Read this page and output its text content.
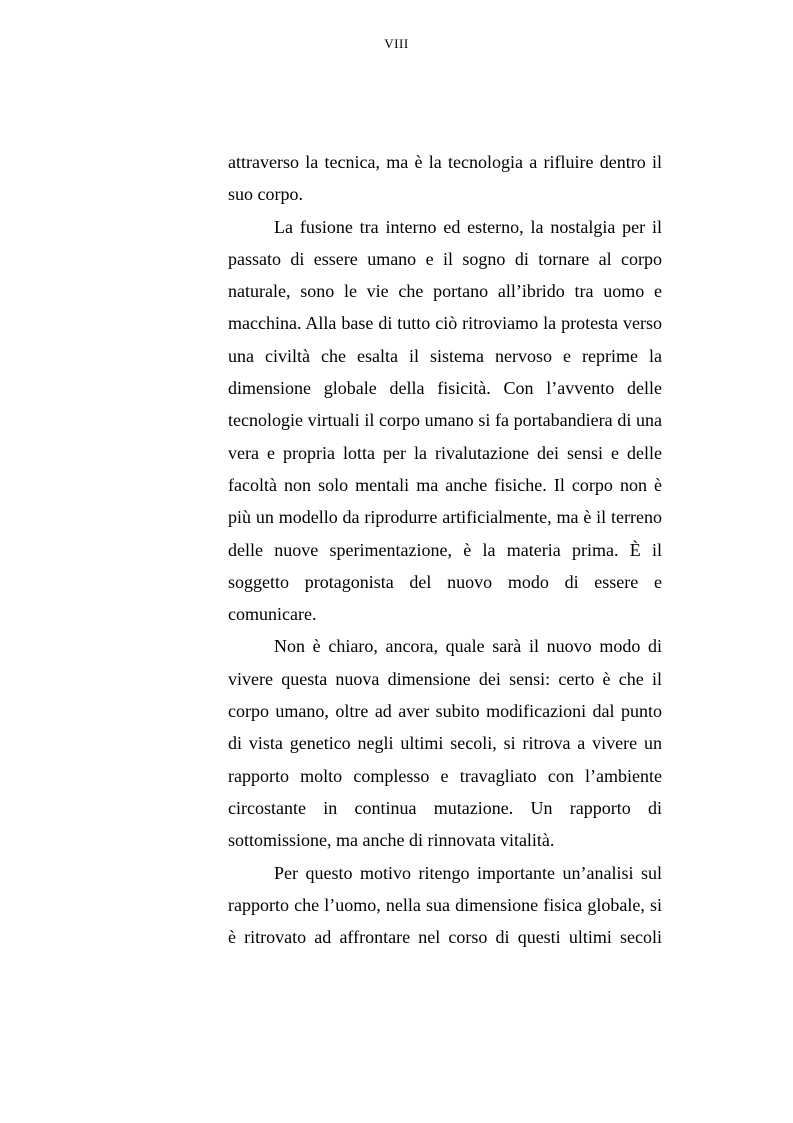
VIII

attraverso la tecnica, ma è la tecnologia a rifluire dentro il suo corpo.

La fusione tra interno ed esterno, la nostalgia per il passato di essere umano e il sogno di tornare al corpo naturale, sono le vie che portano all’ibrido tra uomo e macchina. Alla base di tutto ciò ritroviamo la protesta verso una civiltà che esalta il sistema nervoso e reprime la dimensione globale della fisicità. Con l’avvento delle tecnologie virtuali il corpo umano si fa portabandiera di una vera e propria lotta per la rivalutazione dei sensi e delle facoltà non solo mentali ma anche fisiche. Il corpo non è più un modello da riprodurre artificialmente, ma è il terreno delle nuove sperimentazione, è la materia prima. È il soggetto protagonista del nuovo modo di essere e comunicare.

Non è chiaro, ancora, quale sarà il nuovo modo di vivere questa nuova dimensione dei sensi: certo è che il corpo umano, oltre ad aver subito modificazioni dal punto di vista genetico negli ultimi secoli, si ritrova a vivere un rapporto molto complesso e travagliato con l’ambiente circostante in continua mutazione. Un rapporto di sottomissione, ma anche di rinnovata vitalità.

Per questo motivo ritengo importante un’analisi sul rapporto che l’uomo, nella sua dimensione fisica globale, si è ritrovato ad affrontare nel corso di questi ultimi secoli
